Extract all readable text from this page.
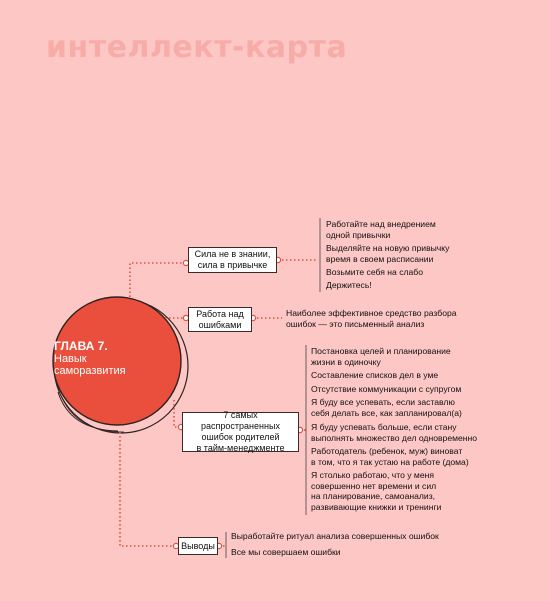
интеллект-карта
ГЛАВА 7.
Навык
саморазвития
Сила не в знании,
сила в привычке
Работа над
ошибками
7 самых распространенных
ошибок родителей
в тайм-менеджменте
Выводы
Работайте над внедрением
одной привычки
Выделяйте на новую привычку
время в своем расписании
Возьмите себя на слабо
Держитесь!
Наиболее эффективное средство разбора
ошибок — это письменный анализ
Постановка целей и планирование
жизни в одиночку
Составление списков дел в уме
Отсутствие коммуникации с супругом
Я буду все успевать, если заставлю
себя делать все, как запланировал(а)
Я буду успевать больше, если стану
выполнять множество дел одновременно
Работодатель (ребенок, муж) виноват
в том, что я так устаю на работе (дома)
Я столько работаю, что у меня
совершенно нет времени и сил
на планирование, самоанализ,
развивающие книжки и тренинги
Выработайте ритуал анализа совершенных ошибок
Все мы совершаем ошибки
